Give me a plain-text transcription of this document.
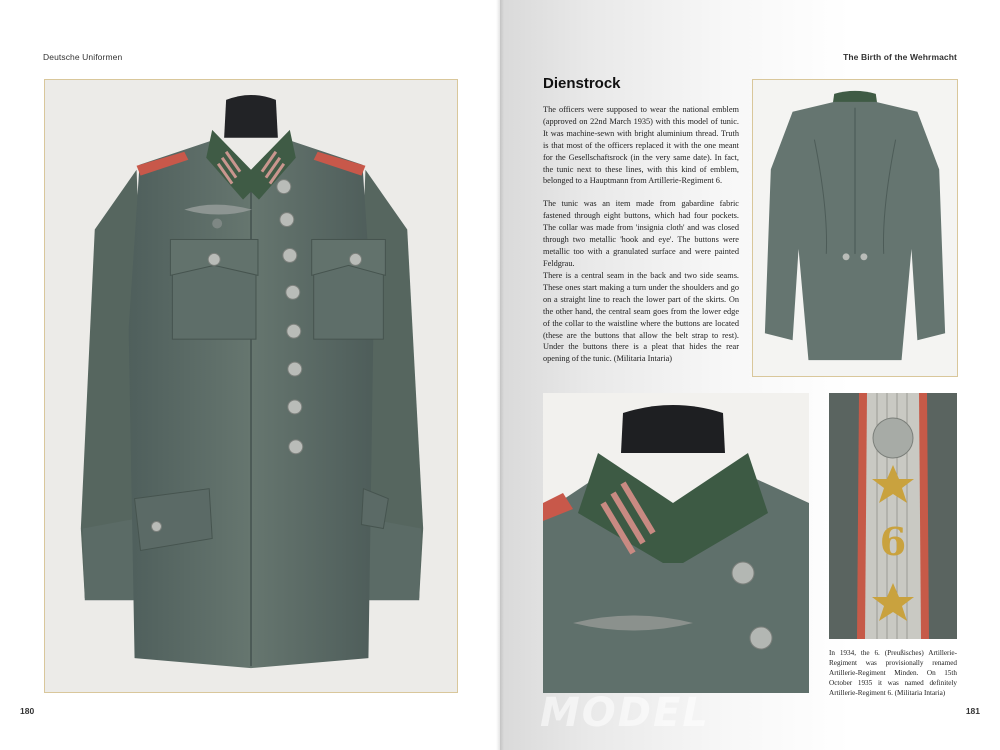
Deutsche Uniformen	The Birth of the Wehrmacht
Dienstrock

The officers were supposed to wear the national emblem (approved on 22nd March 1935) with this model of tunic. It was machine-sewn with bright aluminium thread. Truth is that most of the officers replaced it with the one meant for the Gesellschaftsrock (in the very same date). In fact, the tunic next to these lines, with this kind of emblem, belonged to a Hauptmann from Artillerie-Regiment 6.

The tunic was an item made from gabardine fabric fastened through eight buttons, which had four pockets. The collar was made from 'insignia cloth' and was closed through two metallic 'hook and eye'. The buttons were metallic too with a granulated surface and were painted Feldgrau.

There is a central seam in the back and two side seams. These ones start making a turn under the shoulders and go on a straight line to reach the lower part of the skirts. On the other hand, the central seam goes from the lower edge of the collar to the waistline where the buttons are located (these are the buttons that allow the belt strap to rest). Under the buttons there is a pleat that hides the rear opening of the tunic. (Militaria Intaria)

6

In 1934, the 6. (Preußisches) Artillerie-Regiment was provisionally renamed Artillerie-Regiment Minden. On 15th October 1935 it was named definitely Artillerie-Regiment 6. (Militaria Intaria)

MODEL
180	181
